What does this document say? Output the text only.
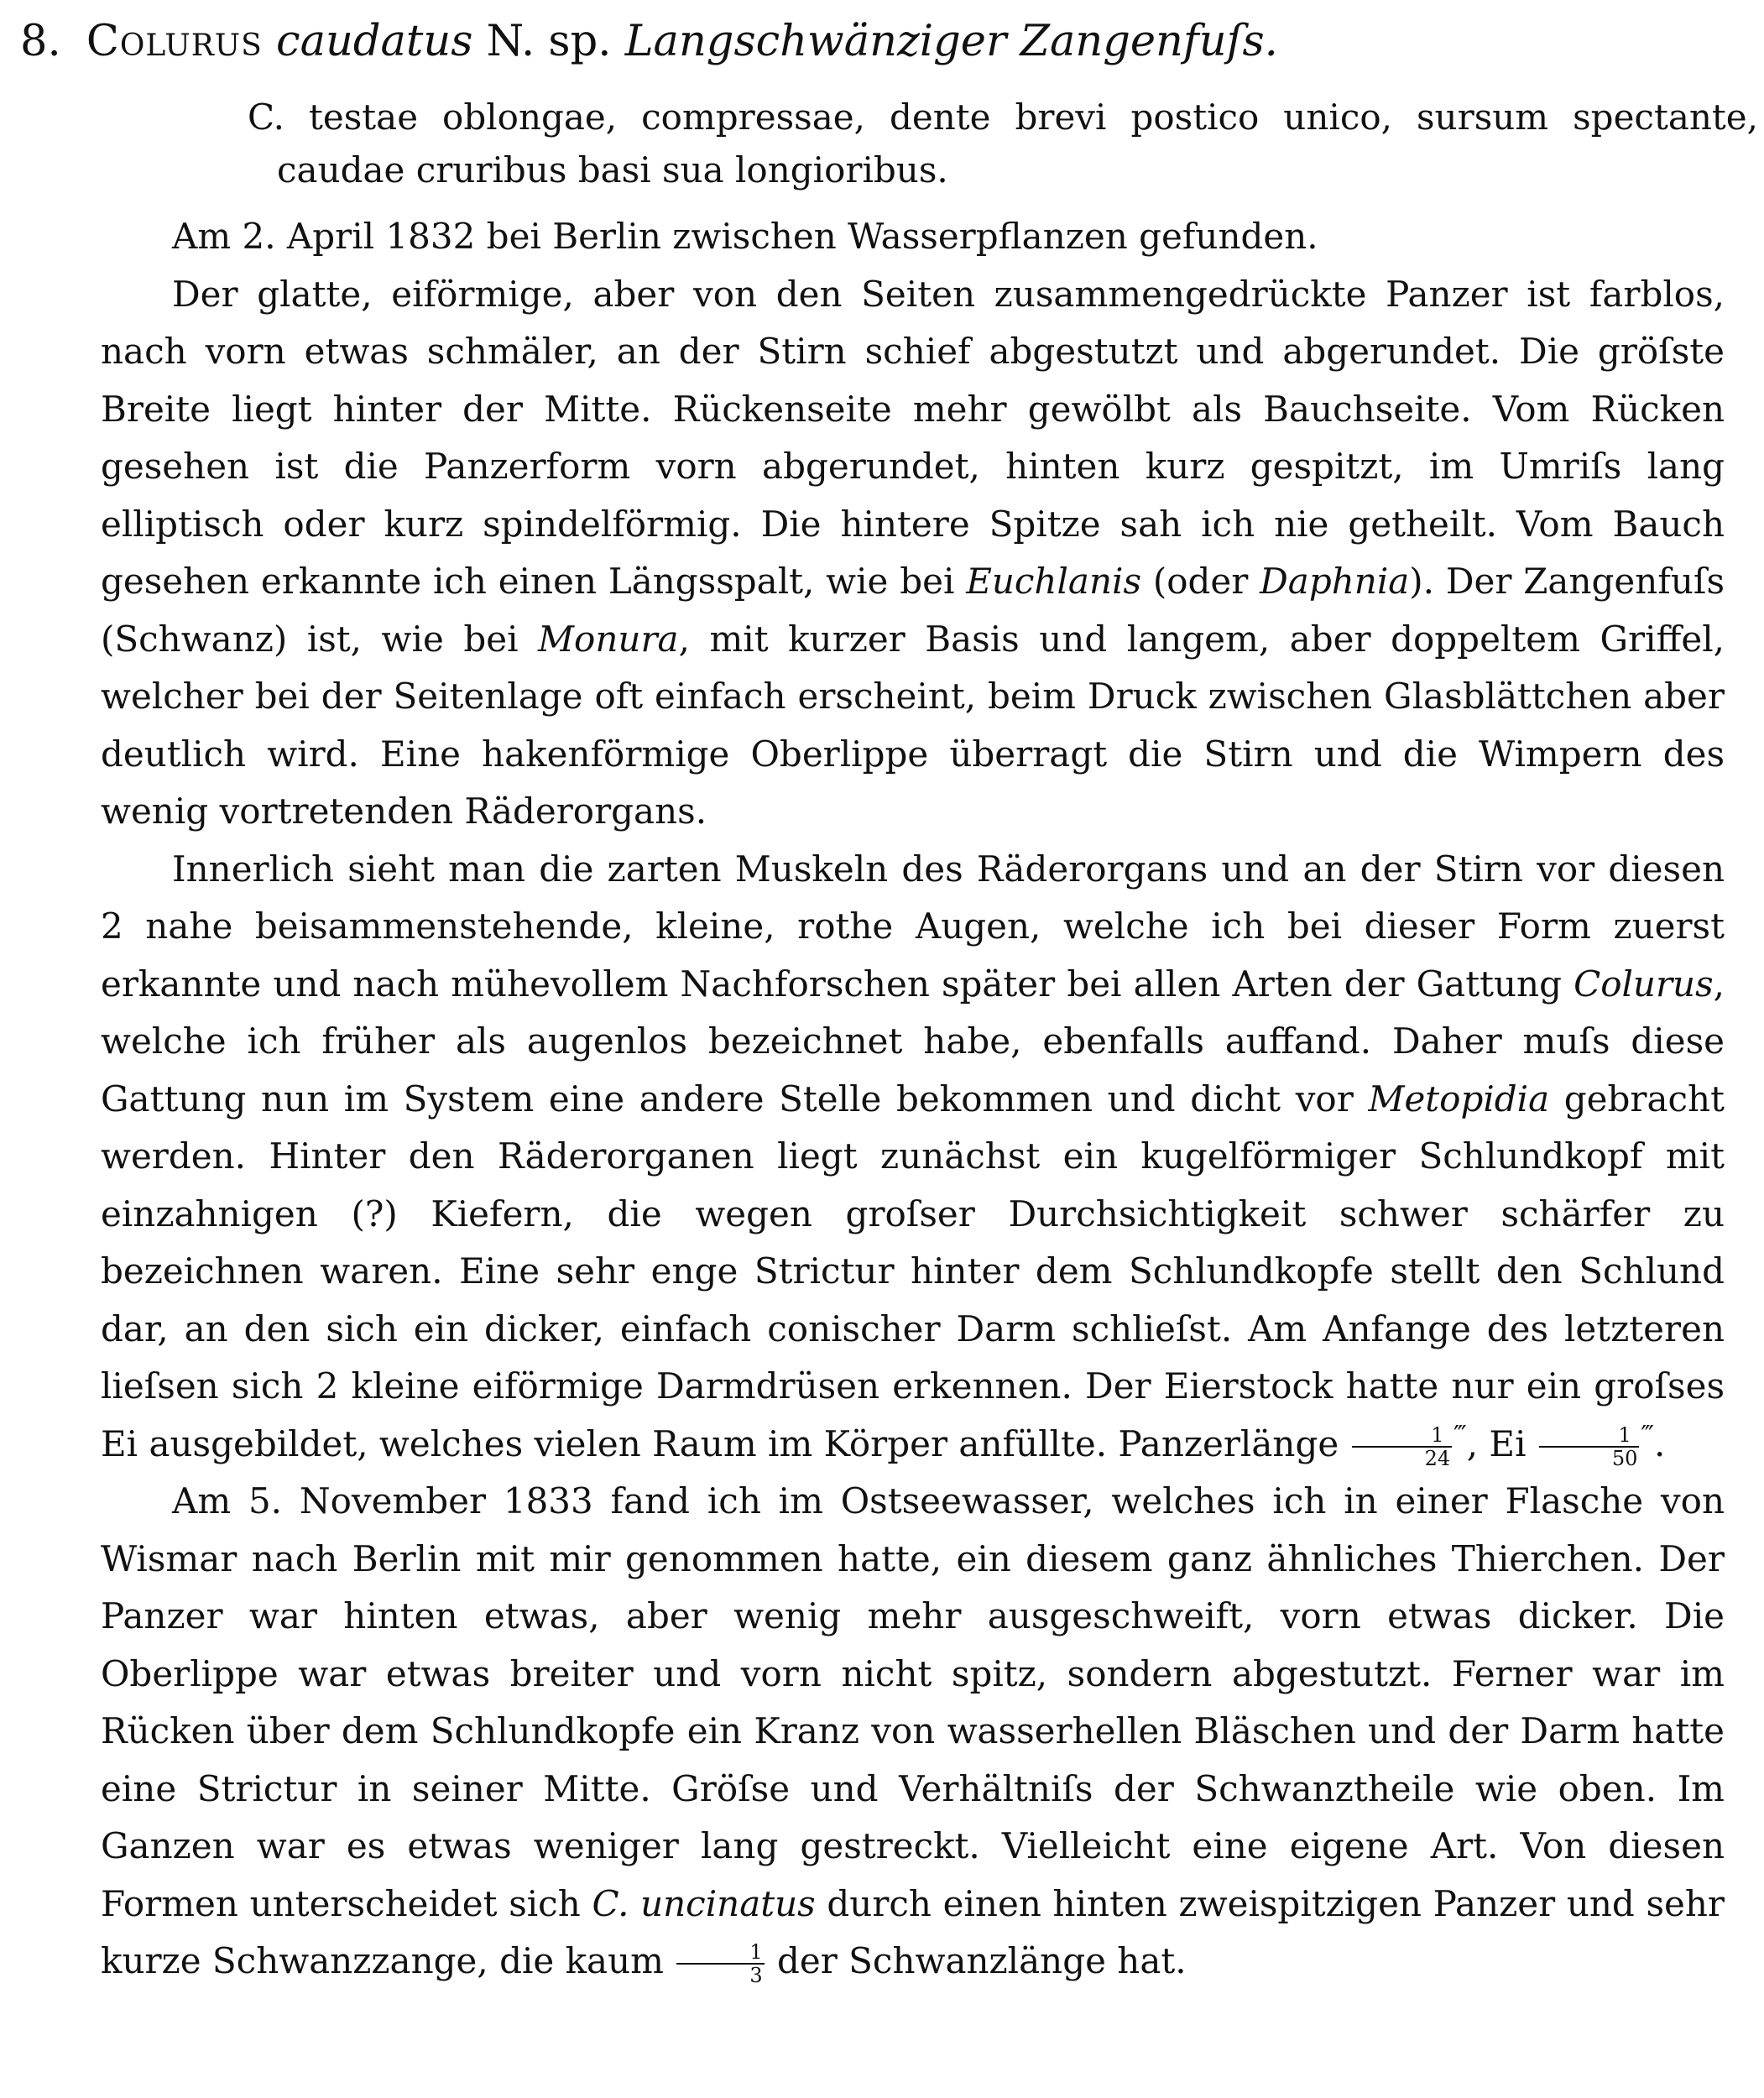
8. Colurus caudatus N. sp. Langschwänziger Zangenfuſs.
C. testae oblongae, compressae, dente brevi postico unico, sursum spectante, caudae cruribus basi sua longioribus.

Am 2. April 1832 bei Berlin zwischen Wasserpflanzen gefunden.

Der glatte, eiförmige, aber von den Seiten zusammengedrückte Panzer ist farblos, nach vorn etwas schmäler, an der Stirn schief abgestutzt und abgerundet. Die gröſste Breite liegt hinter der Mitte. Rückenseite mehr gewölbt als Bauchseite. Vom Rücken gesehen ist die Panzerform vorn abgerundet, hinten kurz gespitzt, im Umriſs lang elliptisch oder kurz spindelförmig. Die hintere Spitze sah ich nie getheilt. Vom Bauch gesehen erkannte ich einen Längsspalt, wie bei Euchlanis (oder Daphnia). Der Zangenfuſs (Schwanz) ist, wie bei Monura, mit kurzer Basis und langem, aber doppeltem Griffel, welcher bei der Seitenlage oft einfach erscheint, beim Druck zwischen Glasblättchen aber deutlich wird. Eine hakenförmige Oberlippe überragt die Stirn und die Wimpern des wenig vortretenden Räderorgans.

Innerlich sieht man die zarten Muskeln des Räderorgans und an der Stirn vor diesen 2 nahe beisammenstehende, kleine, rothe Augen, welche ich bei dieser Form zuerst erkannte und nach mühevollem Nachforschen später bei allen Arten der Gattung Colurus, welche ich früher als augenlos bezeichnet habe, ebenfalls auffand. Daher muſs diese Gattung nun im System eine andere Stelle bekommen und dicht vor Metopidia gebracht werden. Hinter den Räderorganen liegt zunächst ein kugelförmiger Schlundkopf mit einzahnigen (?) Kiefern, die wegen groſser Durchsichtigkeit schwer schärfer zu bezeichnen waren. Eine sehr enge Strictur hinter dem Schlundkopfe stellt den Schlund dar, an den sich ein dicker, einfach conischer Darm schlieſst. Am Anfange des letzteren lieſsen sich 2 kleine eiförmige Darmdrüsen erkennen. Der Eierstock hatte nur ein groſses Ei ausgebildet, welches vielen Raum im Körper anfüllte. Panzerlänge $\frac{1}{24} ^‴$, Ei $\frac{1}{50} ^‴$.

Am 5. November 1833 fand ich im Ostseewasser, welches ich in einer Flasche von Wismar nach Berlin mit mir genommen hatte, ein diesem ganz ähnliches Thierchen. Der Panzer war hinten etwas, aber wenig mehr ausgeschweift, vorn etwas dicker. Die Oberlippe war etwas breiter und vorn nicht spitz, sondern abgestutzt. Ferner war im Rücken über dem Schlundkopfe ein Kranz von wasserhellen Bläschen und der Darm hatte eine Strictur in seiner Mitte. Gröſse und Verhältniſs der Schwanztheile wie oben. Im Ganzen war es etwas weniger lang gestreckt. Vielleicht eine eigene Art. Von diesen Formen unterscheidet sich C. uncinatus durch einen hinten zweispitzigen Panzer und sehr kurze Schwanzzange, die kaum $\frac{1}{3}$ der Schwanzlänge hat.
